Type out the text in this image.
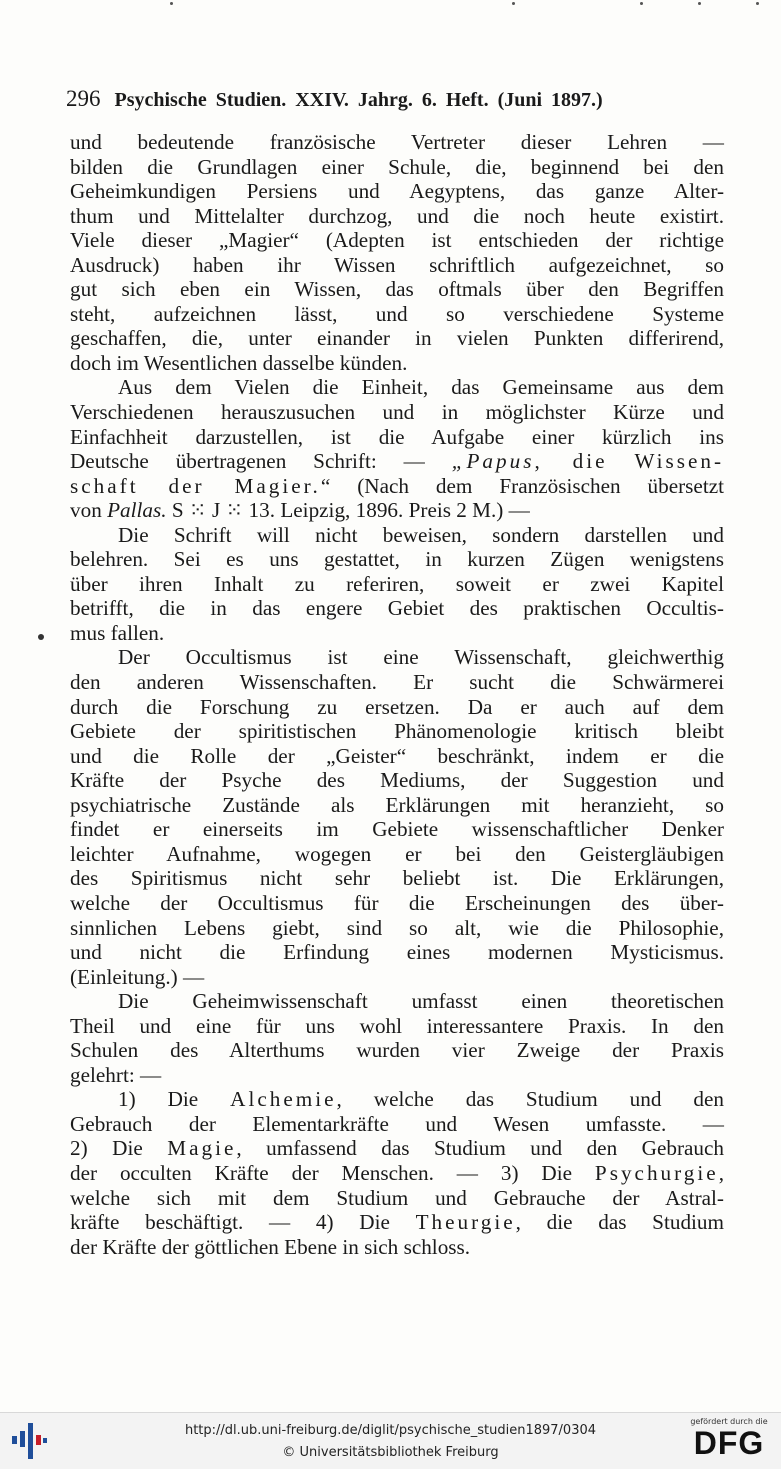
296 Psychische Studien. XXIV. Jahrg. 6. Heft. (Juni 1897.)

und bedeutende französische Vertreter dieser Lehren —

bilden die Grundlagen einer Schule, die, beginnend bei den

Geheimkundigen Persiens und Aegyptens, das ganze Alter-

thum und Mittelalter durchzog, und die noch heute existirt.

Viele dieser „Magier“ (Adepten ist entschieden der richtige

Ausdruck) haben ihr Wissen schriftlich aufgezeichnet, so

gut sich eben ein Wissen, das oftmals über den Begriffen

steht, aufzeichnen lässt, und so verschiedene Systeme

geschaffen, die, unter einander in vielen Punkten differirend,

doch im Wesentlichen dasselbe künden.

Aus dem Vielen die Einheit, das Gemeinsame aus dem

Verschiedenen herauszusuchen und in möglichster Kürze und

Einfachheit darzustellen, ist die Aufgabe einer kürzlich ins

Deutsche übertragenen Schrift: — „Papus, die Wissen-

schaft der Magier.“ (Nach dem Französischen übersetzt

von Pallas. S ⁙ J ⁙ 13. Leipzig, 1896. Preis 2 M.) —

Die Schrift will nicht beweisen, sondern darstellen und

belehren. Sei es uns gestattet, in kurzen Zügen wenigstens

über ihren Inhalt zu referiren, soweit er zwei Kapitel

betrifft, die in das engere Gebiet des praktischen Occultis-

mus fallen.

Der Occultismus ist eine Wissenschaft, gleichwerthig

den anderen Wissenschaften. Er sucht die Schwärmerei

durch die Forschung zu ersetzen. Da er auch auf dem

Gebiete der spiritistischen Phänomenologie kritisch bleibt

und die Rolle der „Geister“ beschränkt, indem er die

Kräfte der Psyche des Mediums, der Suggestion und

psychiatrische Zustände als Erklärungen mit heranzieht, so

findet er einerseits im Gebiete wissenschaftlicher Denker

leichter Aufnahme, wogegen er bei den Geistergläubigen

des Spiritismus nicht sehr beliebt ist. Die Erklärungen,

welche der Occultismus für die Erscheinungen des über-

sinnlichen Lebens giebt, sind so alt, wie die Philosophie,

und nicht die Erfindung eines modernen Mysticismus.

(Einleitung.) —

Die Geheimwissenschaft umfasst einen theoretischen

Theil und eine für uns wohl interessantere Praxis. In den

Schulen des Alterthums wurden vier Zweige der Praxis

gelehrt: —

1) Die Alchemie, welche das Studium und den

Gebrauch der Elementarkräfte und Wesen umfasste. —

2) Die Magie, umfassend das Studium und den Gebrauch

der occulten Kräfte der Menschen. — 3) Die Psychurgie,

welche sich mit dem Studium und Gebrauche der Astral-

kräfte beschäftigt. — 4) Die Theurgie, die das Studium

der Kräfte der göttlichen Ebene in sich schloss.

http://dl.ub.uni-freiburg.de/diglit/psychische_studien1897/0304
© Universitätsbibliothek Freiburg
gefördert durch die
DFG
